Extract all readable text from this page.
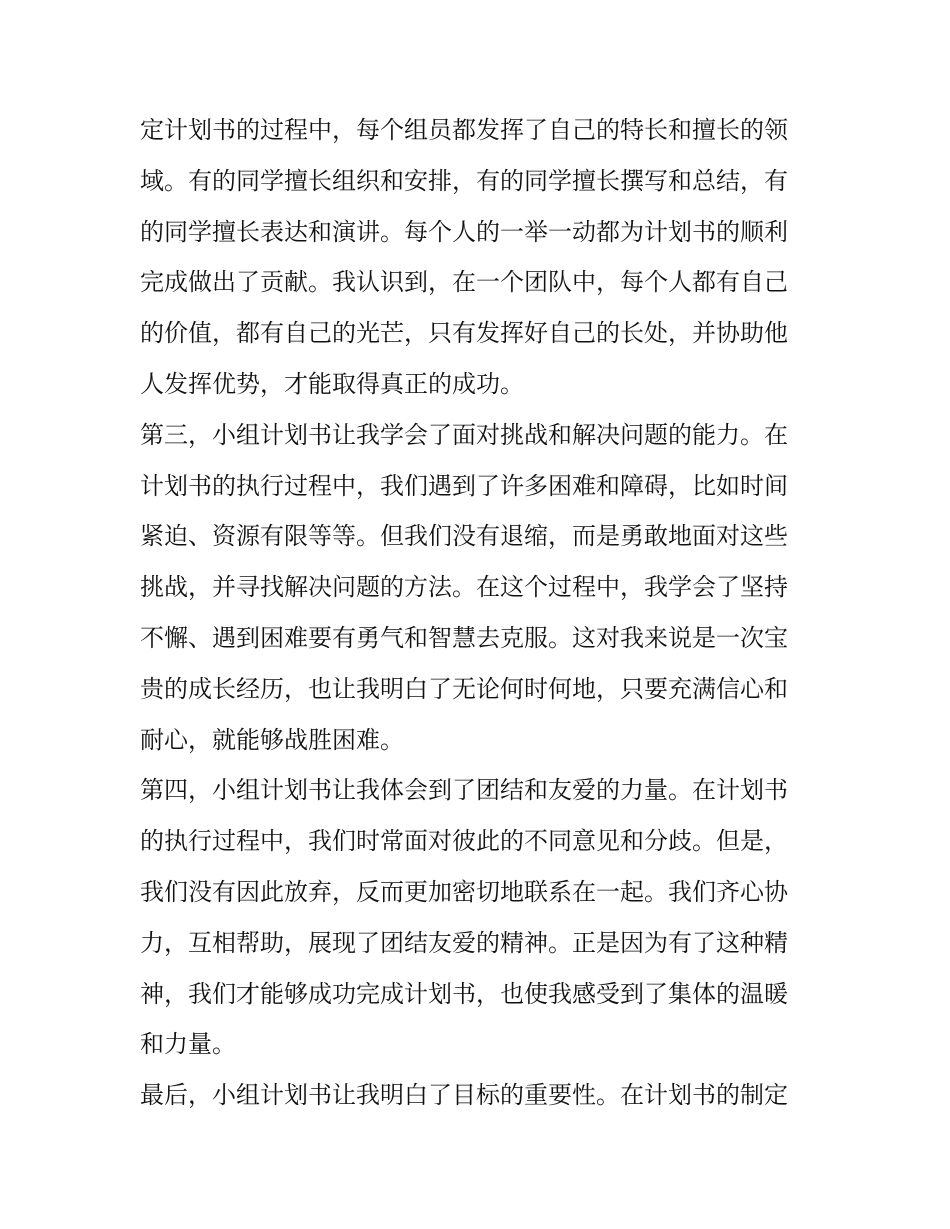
定计划书的过程中，每个组员都发挥了自己的特长和擅长的领
域。有的同学擅长组织和安排，有的同学擅长撰写和总结，有
的同学擅长表达和演讲。每个人的一举一动都为计划书的顺利
完成做出了贡献。我认识到，在一个团队中，每个人都有自己
的价值，都有自己的光芒，只有发挥好自己的长处，并协助他
人发挥优势，才能取得真正的成功。
第三，小组计划书让我学会了面对挑战和解决问题的能力。在
计划书的执行过程中，我们遇到了许多困难和障碍，比如时间
紧迫、资源有限等等。但我们没有退缩，而是勇敢地面对这些
挑战，并寻找解决问题的方法。在这个过程中，我学会了坚持
不懈、遇到困难要有勇气和智慧去克服。这对我来说是一次宝
贵的成长经历，也让我明白了无论何时何地，只要充满信心和
耐心，就能够战胜困难。
第四，小组计划书让我体会到了团结和友爱的力量。在计划书
的执行过程中，我们时常面对彼此的不同意见和分歧。但是，
我们没有因此放弃，反而更加密切地联系在一起。我们齐心协
力，互相帮助，展现了团结友爱的精神。正是因为有了这种精
神，我们才能够成功完成计划书，也使我感受到了集体的温暖
和力量。
最后，小组计划书让我明白了目标的重要性。在计划书的制定
